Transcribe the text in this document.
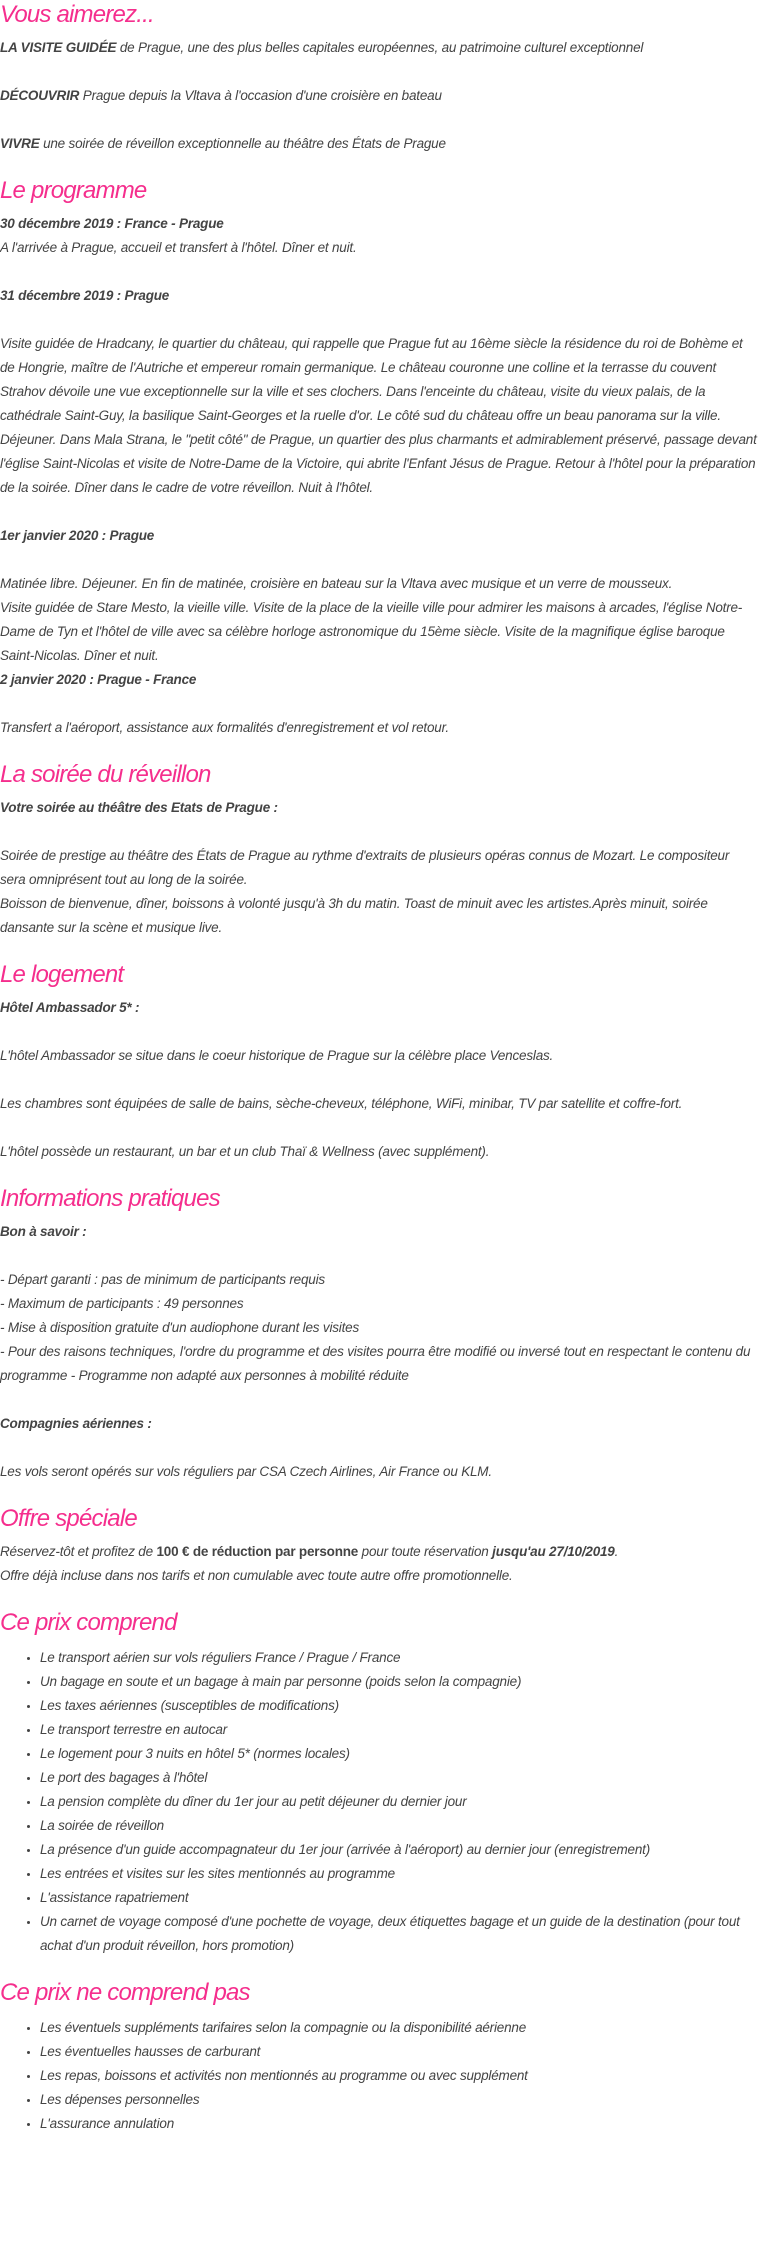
Vous aimerez...

LA VISITE GUIDÉE de Prague, une des plus belles capitales européennes, au patrimoine culturel exceptionnel

DÉCOUVRIR Prague depuis la Vltava à l'occasion d'une croisière en bateau

VIVRE une soirée de réveillon exceptionnelle au théâtre des États de Prague

Le programme

30 décembre 2019 : France - Prague

A l'arrivée à Prague, accueil et transfert à l'hôtel. Dîner et nuit.

31 décembre 2019 : Prague

Visite guidée de Hradcany, le quartier du château, qui rappelle que Prague fut au 16ème siècle la résidence du roi de Bohème et de Hongrie, maître de l'Autriche et empereur romain germanique. Le château couronne une colline et la terrasse du couvent Strahov dévoile une vue exceptionnelle sur la ville et ses clochers. Dans l'enceinte du château, visite du vieux palais, de la cathédrale Saint-Guy, la basilique Saint-Georges et la ruelle d'or. Le côté sud du château offre un beau panorama sur la ville. Déjeuner. Dans Mala Strana, le "petit côté" de Prague, un quartier des plus charmants et admirablement préservé, passage devant l'église Saint-Nicolas et visite de Notre-Dame de la Victoire, qui abrite l'Enfant Jésus de Prague. Retour à l'hôtel pour la préparation de la soirée. Dîner dans le cadre de votre réveillon. Nuit à l'hôtel.

1er janvier 2020 : Prague

Matinée libre. Déjeuner. En fin de matinée, croisière en bateau sur la Vltava avec musique et un verre de mousseux.

Visite guidée de Stare Mesto, la vieille ville. Visite de la place de la vieille ville pour admirer les maisons à arcades, l'église Notre-Dame de Tyn et l'hôtel de ville avec sa célèbre horloge astronomique du 15ème siècle. Visite de la magnifique église baroque Saint-Nicolas. Dîner et nuit.

2 janvier 2020 : Prague - France

Transfert a l'aéroport, assistance aux formalités d'enregistrement et vol retour.

La soirée du réveillon

Votre soirée au théâtre des Etats de Prague :

Soirée de prestige au théâtre des États de Prague au rythme d'extraits de plusieurs opéras connus de Mozart. Le compositeur sera omniprésent tout au long de la soirée.

Boisson de bienvenue, dîner, boissons à volonté jusqu'à 3h du matin. Toast de minuit avec les artistes.Après minuit, soirée dansante sur la scène et musique live.

Le logement

Hôtel Ambassador 5* :

L'hôtel Ambassador se situe dans le coeur historique de Prague sur la célèbre place Venceslas.

Les chambres sont équipées de salle de bains, sèche-cheveux, téléphone, WiFi, minibar, TV par satellite et coffre-fort.

L'hôtel possède un restaurant, un bar et un club Thaï & Wellness (avec supplément).

Informations pratiques

Bon à savoir :

- Départ garanti : pas de minimum de participants requis

- Maximum de participants : 49 personnes

- Mise à disposition gratuite d'un audiophone durant les visites

- Pour des raisons techniques, l'ordre du programme et des visites pourra être modifié ou inversé tout en respectant le contenu du programme - Programme non adapté aux personnes à mobilité réduite

Compagnies aériennes :

Les vols seront opérés sur vols réguliers par CSA Czech Airlines, Air France ou KLM.

Offre spéciale

Réservez-tôt et profitez de 100 € de réduction par personne pour toute réservation jusqu'au 27/10/2019.

Offre déjà incluse dans nos tarifs et non cumulable avec toute autre offre promotionnelle.

Ce prix comprend
• Le transport aérien sur vols réguliers France / Prague / France
• Un bagage en soute et un bagage à main par personne (poids selon la compagnie)
• Les taxes aériennes (susceptibles de modifications)
• Le transport terrestre en autocar
• Le logement pour 3 nuits en hôtel 5* (normes locales)
• Le port des bagages à l'hôtel
• La pension complète du dîner du 1er jour au petit déjeuner du dernier jour
• La soirée de réveillon
• La présence d'un guide accompagnateur du 1er jour (arrivée à l'aéroport) au dernier jour (enregistrement)
• Les entrées et visites sur les sites mentionnés au programme
• L'assistance rapatriement
• Un carnet de voyage composé d'une pochette de voyage, deux étiquettes bagage et un guide de la destination (pour tout achat d'un produit réveillon, hors promotion)
Ce prix ne comprend pas
• Les éventuels suppléments tarifaires selon la compagnie ou la disponibilité aérienne
• Les éventuelles hausses de carburant
• Les repas, boissons et activités non mentionnés au programme ou avec supplément
• Les dépenses personnelles
• L'assurance annulation
